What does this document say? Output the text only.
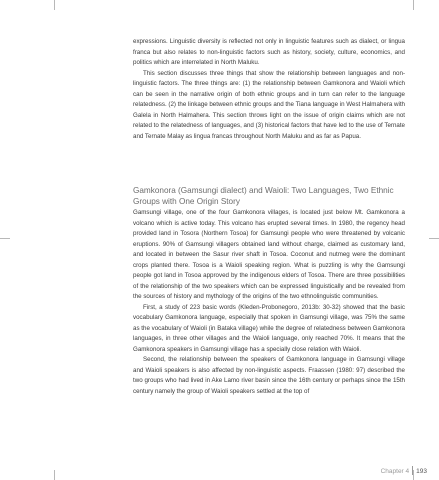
expressions. Linguistic diversity is reflected not only in linguistic features such as dialect, or lingua franca but also relates to non-linguistic factors such as history, society, culture, economics, and politics which are interrelated in North Maluku.

This section discusses three things that show the relationship between languages and non-linguistic factors. The three things are: (1) the relationship between Gamkonora and Waioli which can be seen in the narrative origin of both ethnic groups and in turn can refer to the language relatedness. (2) the linkage between ethnic groups and the Tiana language in West Halmahera with Galela in North Halmahera. This section throws light on the issue of origin claims which are not related to the relatedness of languages, and (3) historical factors that have led to the use of Ternate and Ternate Malay as lingua francas throughout North Maluku and as far as Papua.

Gamkonora (Gamsungi dialect) and Waioli: Two Languages, Two Ethnic Groups with One Origin Story

Gamsungi village, one of the four Gamkonora villages, is located just below Mt. Gamkonora a volcano which is active today. This volcano has erupted several times. In 1980, the regency head provided land in Tosora (Northern Tosoa) for Gamsungi people who were threatened by volcanic eruptions. 90% of Gamsungi villagers obtained land without charge, claimed as customary land, and located in between the Sasur river shaft in Tosoa. Coconut and nutmeg were the dominant crops planted there. Tosoa is a Waioli speaking region. What is puzzling is why the Gamsungi people got land in Tosoa approved by the indigenous elders of Tosoa. There are three possibilities of the relationship of the two speakers which can be expressed linguistically and be revealed from the sources of history and mythology of the origins of the two ethnolinguistic communities.

First, a study of 223 basic words (Kleden-Probonegoro, 2013b: 30-32) showed that the basic vocabulary Gamkonora language, especially that spoken in Gamsungi village, was 75% the same as the vocabulary of Waioli (in Bataka village) while the degree of relatedness between Gamkonora languages, in three other villages and the Waioli language, only reached 70%. It means that the Gamkonora speakers in Gamsungi village has a specially close relation with Waioli.

Second, the relationship between the speakers of Gamkonora language in Gamsungi village and Waioli speakers is also affected by non-linguistic aspects. Fraassen (1980: 97) described the two groups who had lived in Ake Lamo river basin since the 16th century or perhaps since the 15th century namely the group of Waioli speakers settled at the top of

Chapter 4 193
